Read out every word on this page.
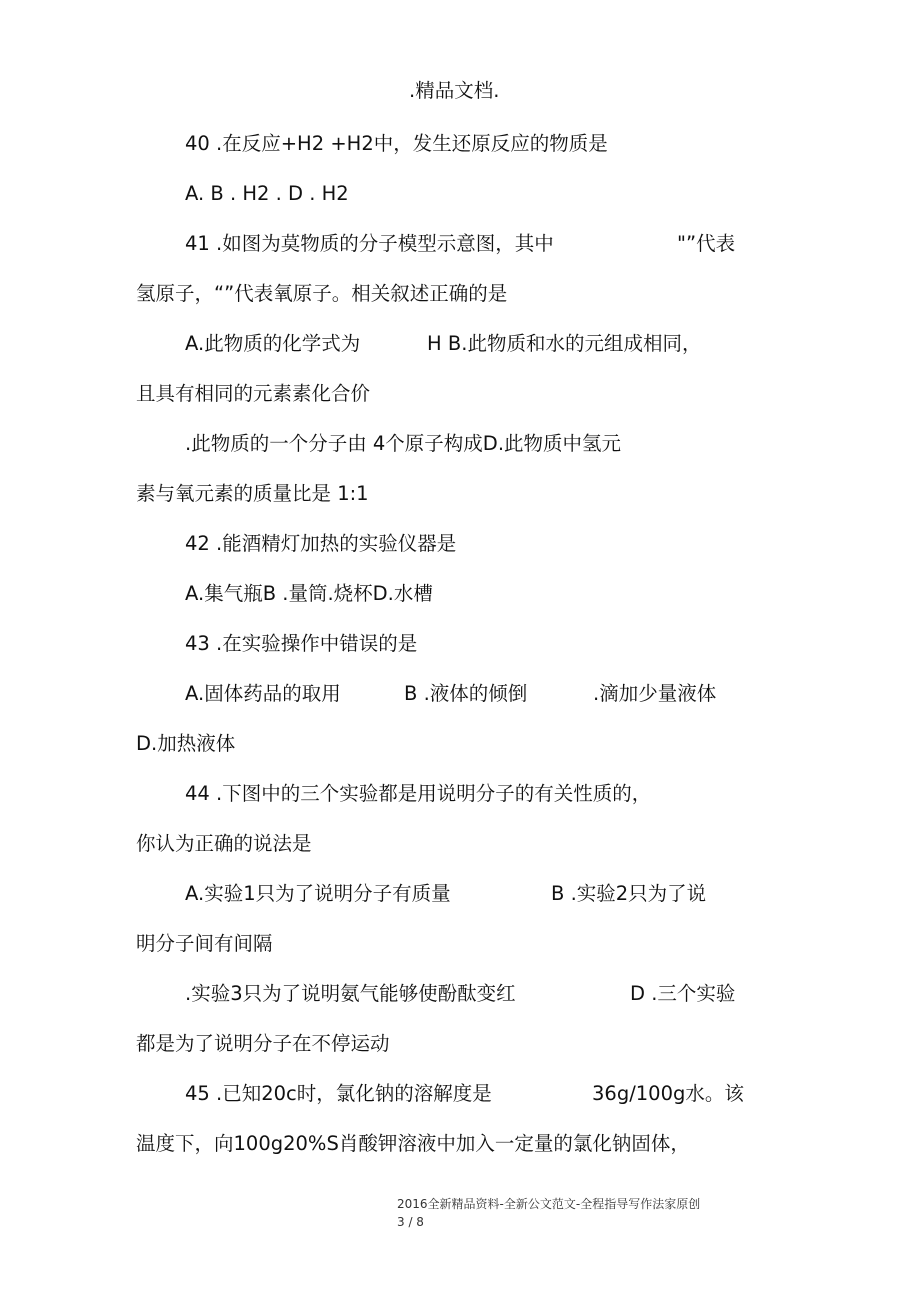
.精品文档.
40 .在反应+H2 +H2中，发生还原反应的物质是
A. B . H2 . D . H2
41 .如图为莫物质的分子模型示意图，其中	"”代表
氢原子，“”代表氧原子。相关叙述正确的是
A.此物质的化学式为	H B.此物质和水的元组成相同，
且具有相同的元素素化合价
.此物质的一个分子由 4个原子构成D.此物质中氢元
素与氧元素的质量比是 1:1
42 .能酒精灯加热的实验仪器是
A.集气瓶B .量筒.烧杯D.水槽
43 .在实验操作中错误的是
A.固体药品的取用	B .液体的倾倒	.滴加少量液体
D.加热液体
44 .下图中的三个实验都是用说明分子的有关性质的，
你认为正确的说法是
A.实验1只为了说明分子有质量	B .实验2只为了说
明分子间有间隔
.实验3只为了说明氨气能够使酚酞变红	D .三个实验
都是为了说明分子在不停运动
45 .已知20c时，氯化钠的溶解度是	36g/100g水。该
温度下，向100g20%S肖酸钾溶液中加入一定量的氯化钠固体，
2016全新精品资料-全新公文范文-全程指导写作法家原创
3 / 8
